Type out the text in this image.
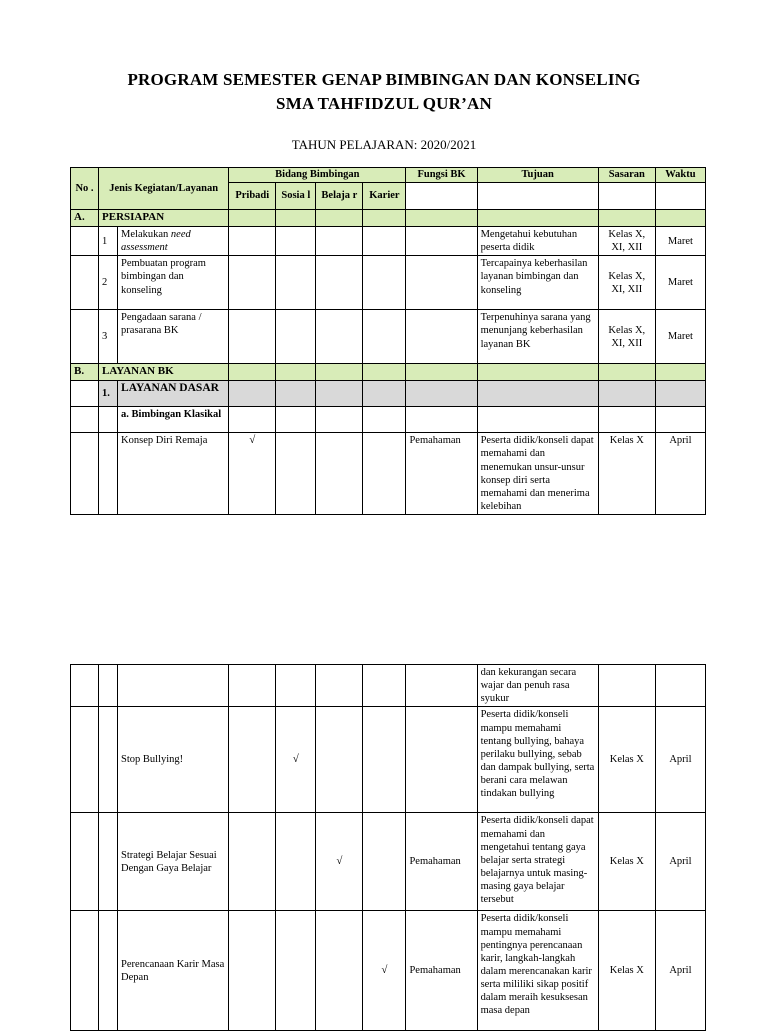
PROGRAM SEMESTER GENAP BIMBINGAN DAN KONSELING
SMA TAHFIDZUL QUR’AN
TAHUN PELAJARAN: 2020/2021
No .	Jenis Kegiatan/Layanan		Bidang Bimbingan				Fungsi BK	Tujuan	Sasaran	Waktu
			Pribadi	Sosia l	Belaja r	Karier				
A.	PERSIAPAN									
	1	Melakukan need assessment						Mengetahui kebutuhan peserta didik	Kelas X, XI, XII	Maret
	2	Pembuatan program bimbingan dan konseling						Tercapainya keberhasilan layanan bimbingan dan konseling	Kelas X, XI, XII	Maret
	3	Pengadaan sarana / prasarana BK						Terpenuhinya sarana yang menunjang keberhasilan layanan BK	Kelas X, XI, XII	Maret
B.	LAYANAN BK									
	1.	LAYANAN DASAR								
		a. Bimbingan Klasikal								
		Konsep Diri Remaja	√				Pemahaman	Peserta didik/konseli dapat memahami dan menemukan unsur-unsur konsep diri serta memahami dan menerima kelebihan	Kelas X	April
								dan kekurangan secara wajar dan penuh rasa syukur		
		Stop Bullying!		√				Peserta didik/konseli mampu memahami tentang bullying, bahaya perilaku bullying, sebab dan dampak bullying, serta berani cara melawan tindakan bullying	Kelas X	April
		Strategi Belajar Sesuai Dengan Gaya Belajar			√		Pemahaman	Peserta didik/konseli dapat memahami dan mengetahui tentang gaya belajar serta strategi belajarnya untuk masing-masing gaya belajar tersebut	Kelas X	April
		Perencanaan Karir Masa Depan				√	Pemahaman	Peserta didik/konseli mampu memahami pentingnya perencanaan karir, langkah-langkah dalam merencanakan karir serta mililiki sikap positif dalam meraih kesuksesan masa depan	Kelas X	April
